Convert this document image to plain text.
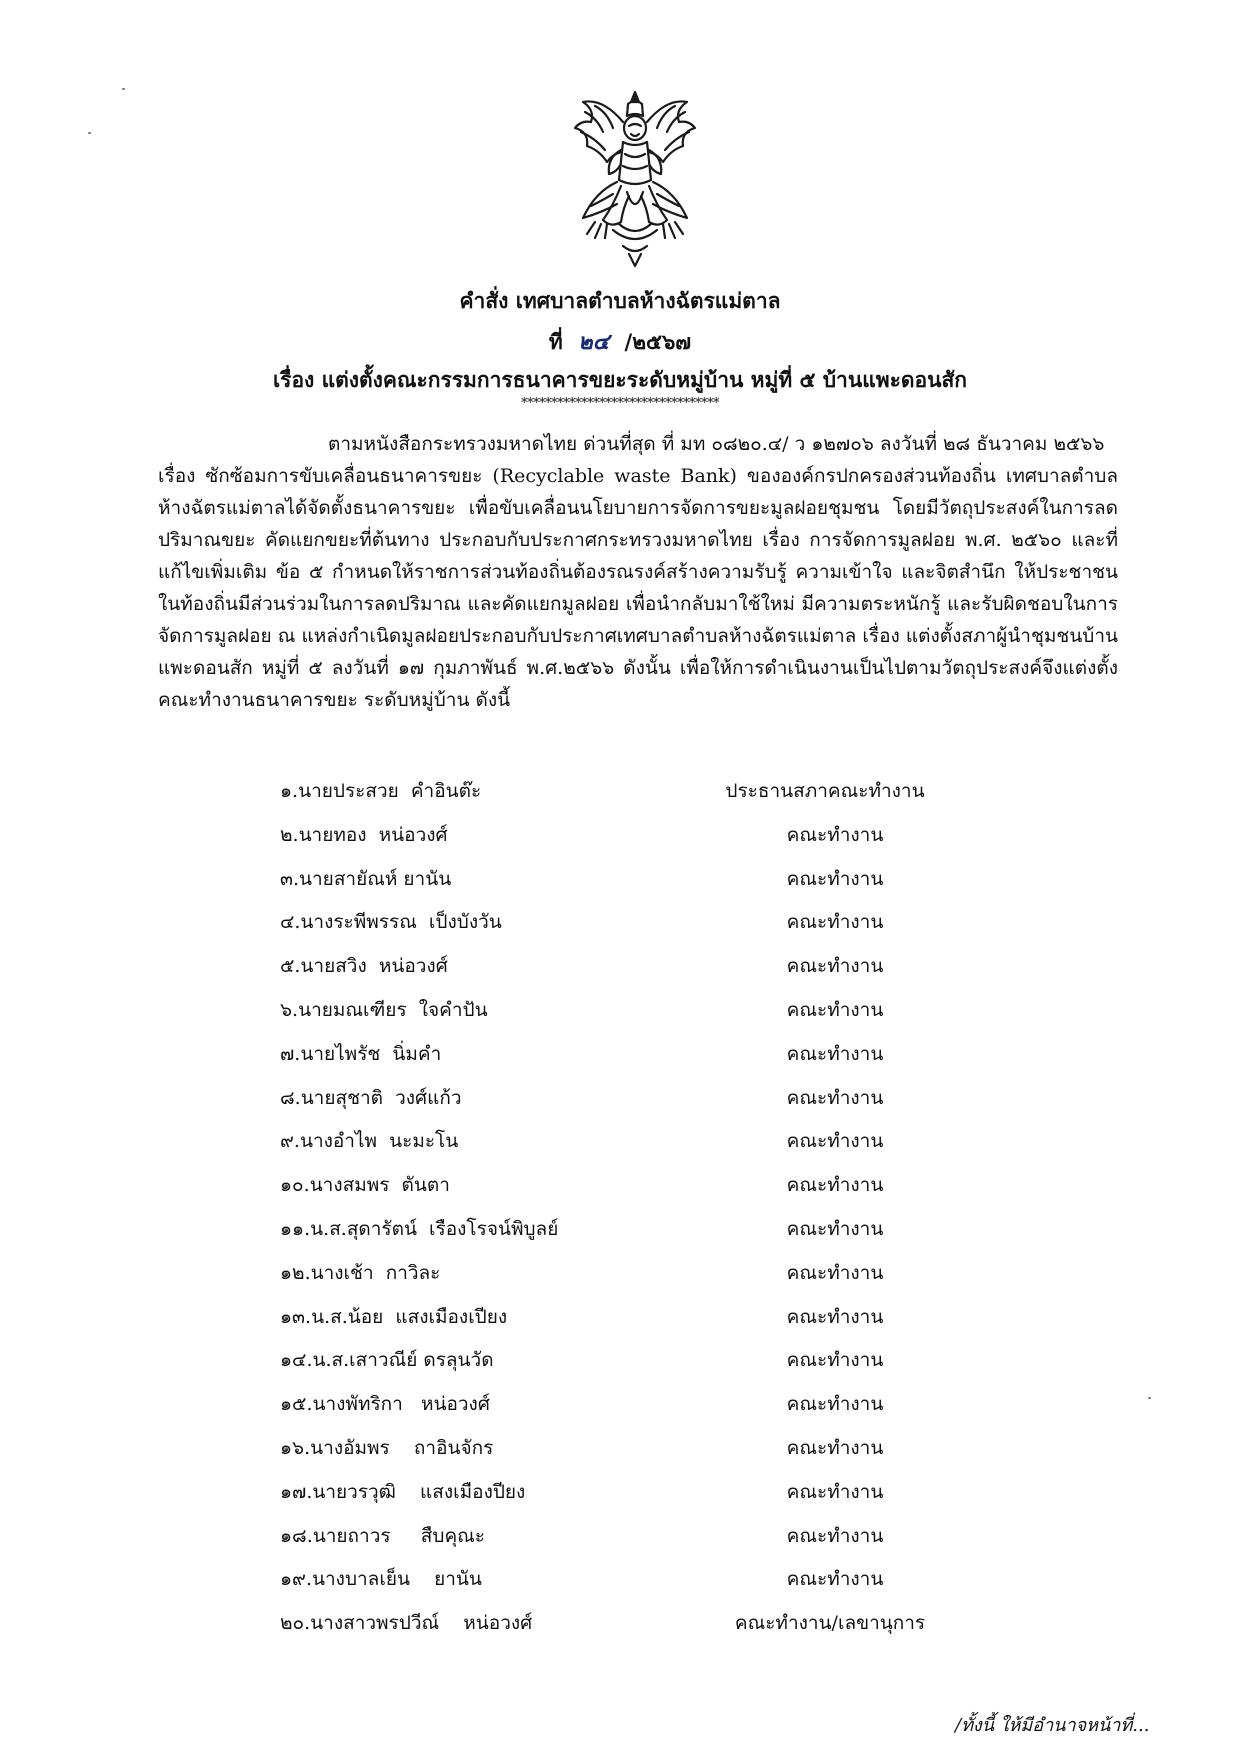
คำสั่ง เทศบาลตำบลห้างฉัตรแม่ตาล
ที่ ๒๔ /๒๕๖๗
เรื่อง แต่งตั้งคณะกรรมการธนาคารขยะระดับหมู่บ้าน หมู่ที่ ๕ บ้านแพะดอนสัก
*********************************
ตามหนังสือกระทรวงมหาดไทย ด่วนที่สุด ที่ มท ๐๘๒๐.๔/ ว ๑๒๗๐๖ ลงวันที่ ๒๘ ธันวาคม ๒๕๖๖
เรื่อง ซักซ้อมการขับเคลื่อนธนาคารขยะ (Recyclable waste Bank) ขององค์กรปกครองส่วนท้องถิ่น เทศบาลตำบลห้างฉัตรแม่ตาลได้จัดตั้งธนาคารขยะ เพื่อขับเคลื่อนนโยบายการจัดการขยะมูลฝอยชุมชน โดยมีวัตถุประสงค์ในการลดปริมาณขยะ คัดแยกขยะที่ต้นทาง ประกอบกับประกาศกระทรวงมหาดไทย เรื่อง การจัดการมูลฝอย พ.ศ. ๒๕๖๐ และที่แก้ไขเพิ่มเติม ข้อ ๕ กำหนดให้ราชการส่วนท้องถิ่นต้องรณรงค์สร้างความรับรู้ ความเข้าใจ และจิตสำนึก ให้ประชาชนในท้องถิ่นมีส่วนร่วมในการลดปริมาณ และคัดแยกมูลฝอย เพื่อนำกลับมาใช้ใหม่ มีความตระหนักรู้ และรับผิดชอบในการจัดการมูลฝอย ณ แหล่งกำเนิดมูลฝอยประกอบกับประกาศเทศบาลตำบลห้างฉัตรแม่ตาล เรื่อง แต่งตั้งสภาผู้นำชุมชนบ้านแพะดอนสัก หมู่ที่ ๕ ลงวันที่ ๑๗ กุมภาพันธ์ พ.ศ.๒๕๖๖ ดังนั้น เพื่อให้การดำเนินงานเป็นไปตามวัตถุประสงค์จึงแต่งตั้งคณะทำงานธนาคารขยะ ระดับหมู่บ้าน ดังนี้
๑.นายประสวย  คำอินต๊ะ	ประธานสภาคณะทำงาน
๒.นายทอง  หน่อวงศ์	คณะทำงาน
๓.นายสายัณห์ ยานัน	คณะทำงาน
๔.นางระพีพรรณ  เป็งบังวัน	คณะทำงาน
๕.นายสวิง  หน่อวงศ์	คณะทำงาน
๖.นายมณเฑียร  ใจคำปัน	คณะทำงาน
๗.นายไพรัช  นิ่มคำ	คณะทำงาน
๘.นายสุชาติ  วงศ์แก้ว	คณะทำงาน
๙.นางอำไพ  นะมะโน	คณะทำงาน
๑๐.นางสมพร  ตันตา	คณะทำงาน
๑๑.น.ส.สุดารัตน์  เรืองโรจน์พิบูลย์	คณะทำงาน
๑๒.นางเช้า  กาวิละ	คณะทำงาน
๑๓.น.ส.น้อย  แสงเมืองเปียง	คณะทำงาน
๑๔.น.ส.เสาวณีย์ ดรลุนวัด	คณะทำงาน
๑๕.นางพัทริกา   หน่อวงศ์	คณะทำงาน
๑๖.นางอัมพร    ถาอินจักร	คณะทำงาน
๑๗.นายวรวุฒิ    แสงเมืองปียง	คณะทำงาน
๑๘.นายถาวร     สืบคุณะ	คณะทำงาน
๑๙.นางบาลเย็น    ยานัน	คณะทำงาน
๒๐.นางสาวพรปวีณ์    หน่อวงศ์	คณะทำงาน/เลขานุการ
/ทั้งนี้ ให้มีอำนาจหน้าที่...
